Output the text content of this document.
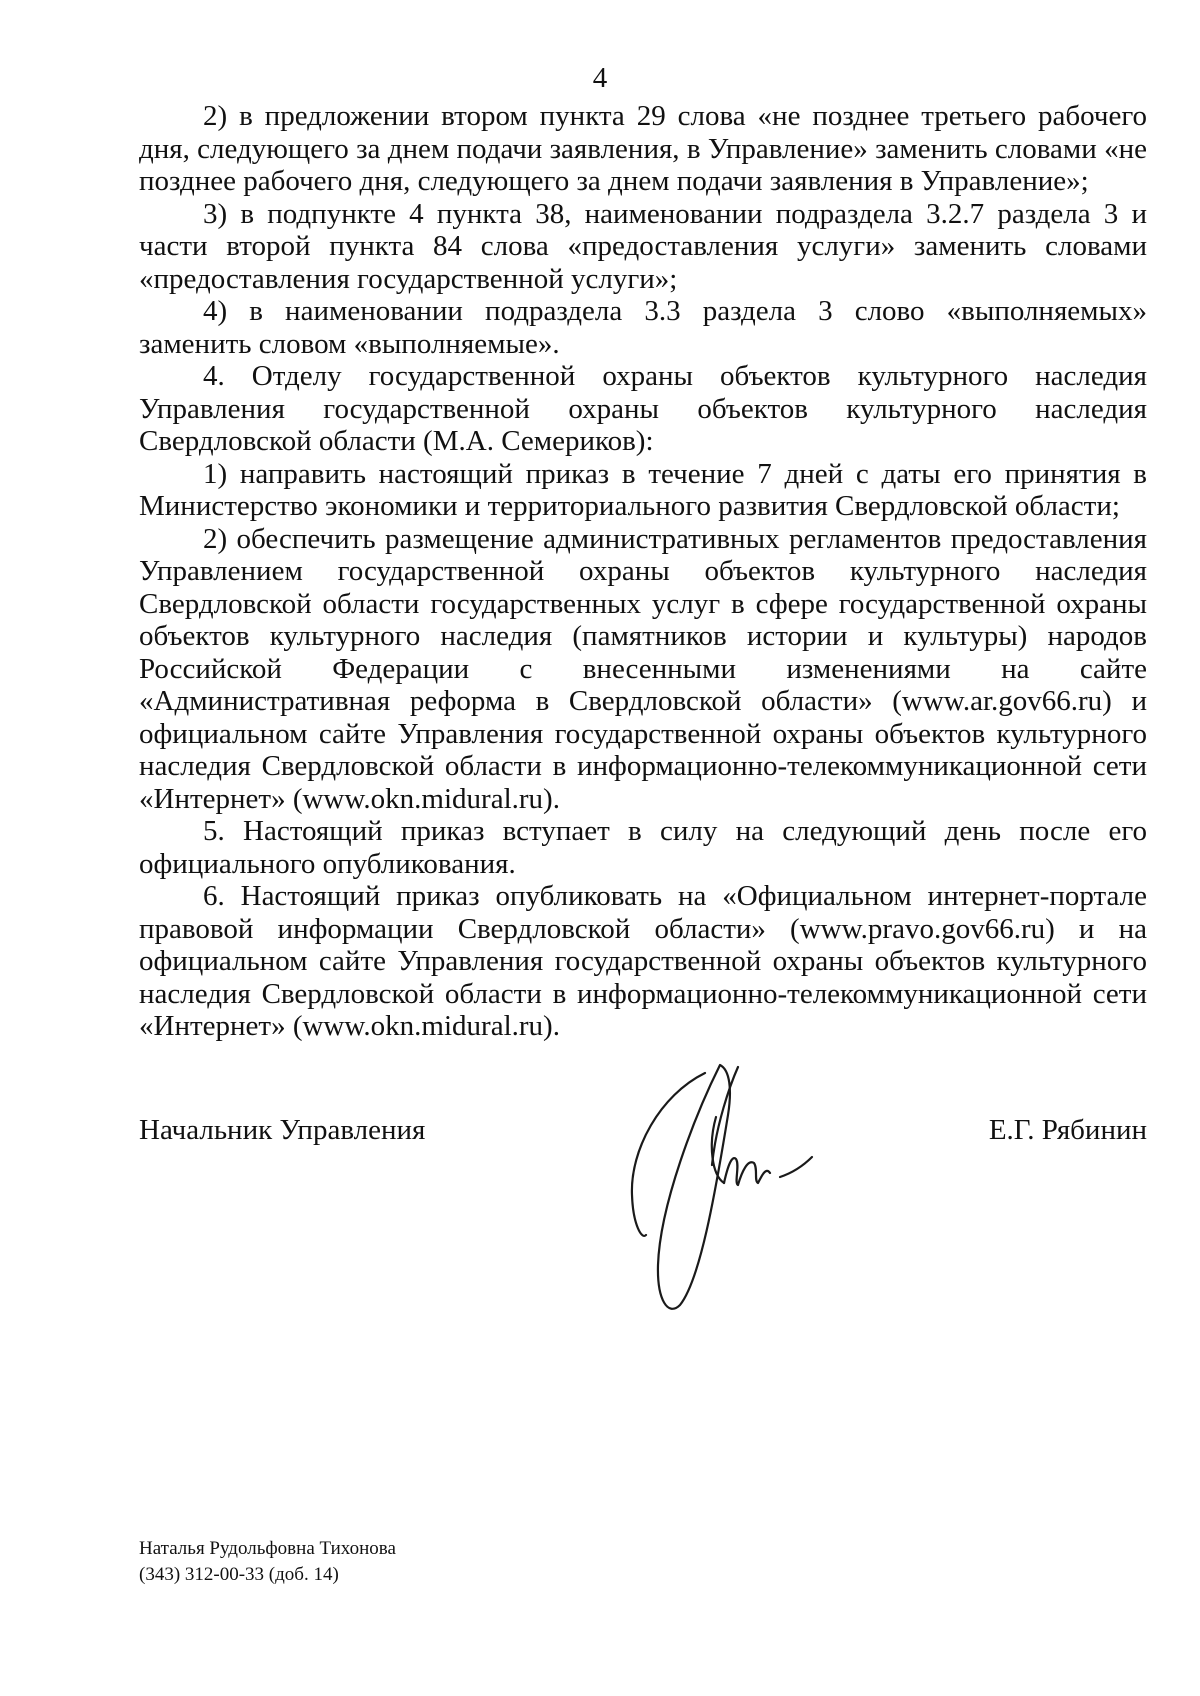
4

2) в предложении втором пункта 29 слова «не позднее третьего рабочего дня, следующего за днем подачи заявления, в Управление» заменить словами «не позднее рабочего дня, следующего за днем подачи заявления в Управление»;

3) в подпункте 4 пункта 38, наименовании подраздела 3.2.7 раздела 3 и части второй пункта 84 слова «предоставления услуги» заменить словами «предоставления государственной услуги»;

4) в наименовании подраздела 3.3 раздела 3 слово «выполняемых» заменить словом «выполняемые».

4. Отделу государственной охраны объектов культурного наследия Управления государственной охраны объектов культурного наследия Свердловской области (М.А. Семериков):

1) направить настоящий приказ в течение 7 дней с даты его принятия в Министерство экономики и территориального развития Свердловской области;

2) обеспечить размещение административных регламентов предоставления Управлением государственной охраны объектов культурного наследия Свердловской области государственных услуг в сфере государственной охраны объектов культурного наследия (памятников истории и культуры) народов Российской Федерации с внесенными изменениями на сайте «Административная реформа в Свердловской области» (www.ar.gov66.ru) и официальном сайте Управления государственной охраны объектов культурного наследия Свердловской области в информационно-телекоммуникационной сети «Интернет» (www.okn.midural.ru).

5. Настоящий приказ вступает в силу на следующий день после его официального опубликования.

6. Настоящий приказ опубликовать на «Официальном интернет-портале правовой информации Свердловской области» (www.pravo.gov66.ru) и на официальном сайте Управления государственной охраны объектов культурного наследия Свердловской области в информационно-телекоммуникационной сети «Интернет» (www.okn.midural.ru).

Начальник Управления	Е.Г. Рябинин
Наталья Рудольфовна Тихонова
(343) 312-00-33 (доб. 14)
